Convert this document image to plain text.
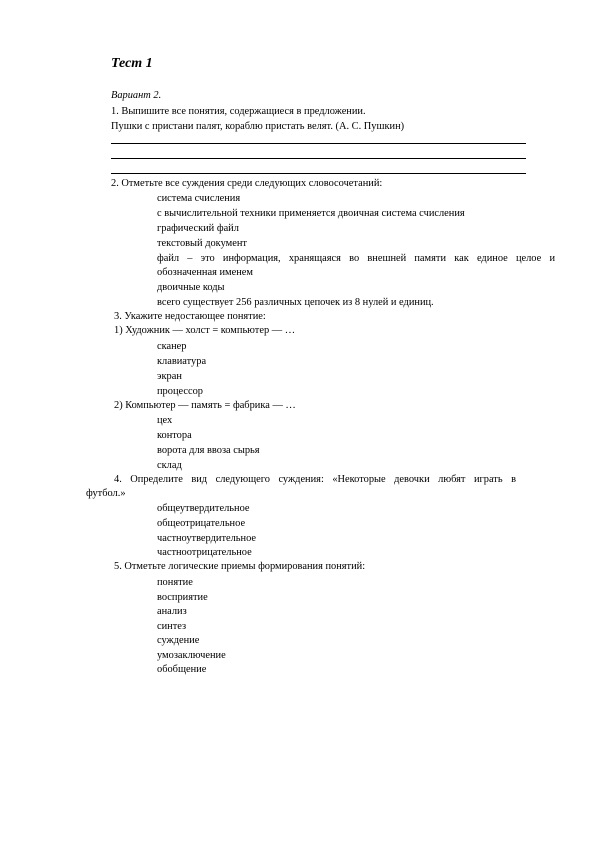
Тест 1
Вариант 2.
1. Выпишите все понятия, содержащиеся в предложении.
Пушки с пристани палят, кораблю пристать велят. (А. С. Пушкин)
2. Отметьте все суждения среди следующих словосочетаний:
система счисления
с вычислительной техники применяется двоичная система счисления
графический файл
текстовый документ
файл – это информация, хранящаяся во внешней памяти как единое целое и
обозначенная именем
двоичные коды
всего существует 256 различных цепочек из 8 нулей и единиц.
3. Укажите недостающее понятие:
1) Художник — холст = компьютер — …
сканер
клавиатура
экран
процессор
2) Компьютер — память = фабрика — …
цех
контора
ворота для ввоза сырья
склад
4. Определите вид следующего суждения: «Некоторые девочки любят играть в
футбол.»
общеутвердительное
общеотрицательное
частноутвердительное
частноотрицательное
5. Отметьте логические приемы формирования понятий:
понятие
восприятие
анализ
синтез
суждение
умозаключение
обобщение
